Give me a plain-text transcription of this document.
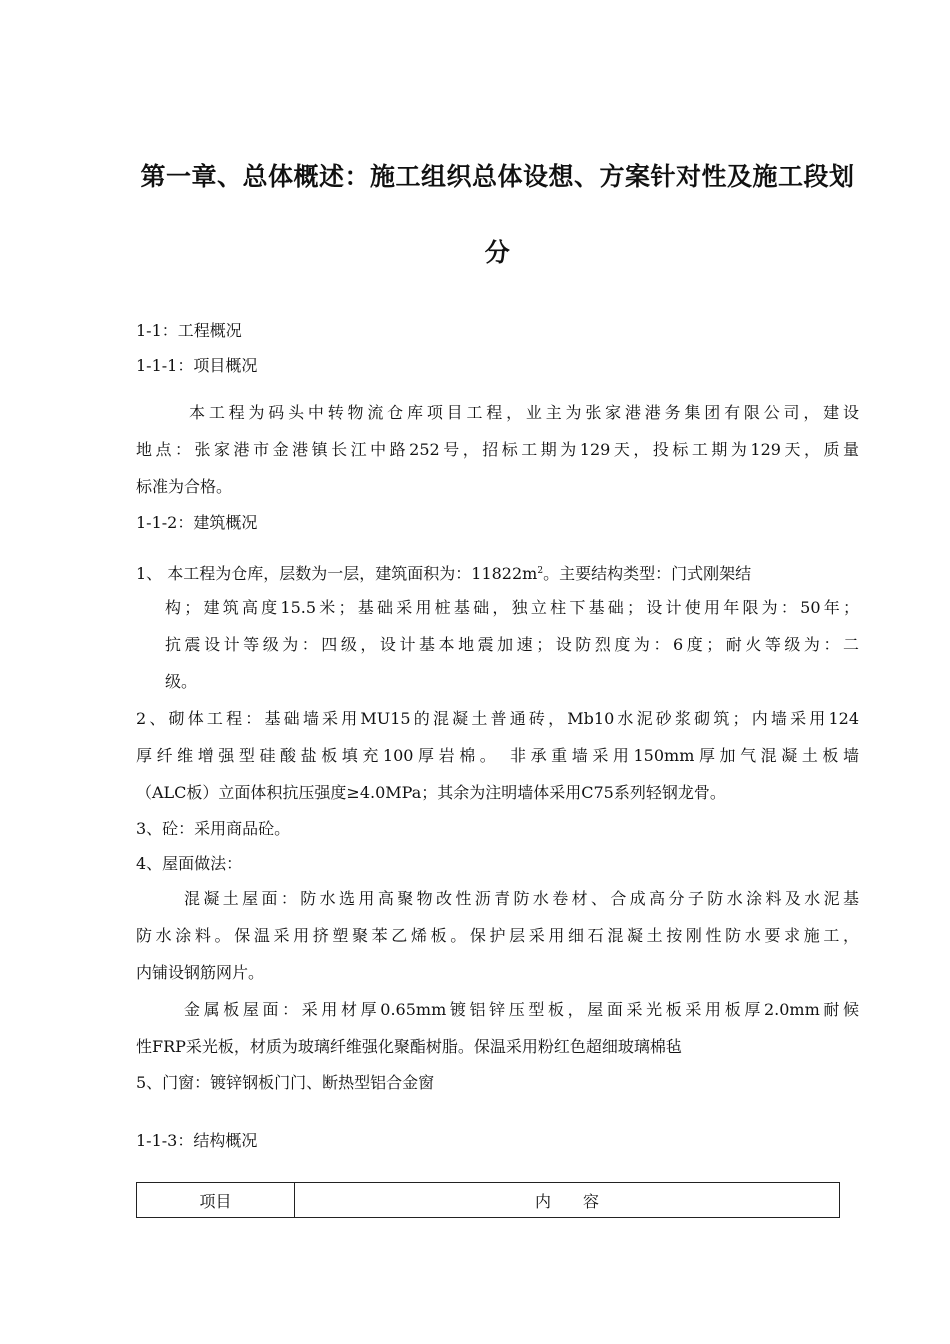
第一章、总体概述：施工组织总体设想、方案针对性及施工段划
分
1-1：工程概况
1-1-1：项目概况
本工程为码头中转物流仓库项目工程，业主为张家港港务集团有限公司，建设
地点：张家港市金港镇长江中路252号，招标工期为129天，投标工期为129天，质量
标准为合格。
1-1-2：建筑概况
1、 本工程为仓库，层数为一层，建筑面积为：$11822m^2$。主要结构类型：门式刚架结
构；建筑高度15.5米；基础采用桩基础，独立柱下基础；设计使用年限为：50年；
抗震设计等级为：四级，设计基本地震加速；设防烈度为：6度；耐火等级为：二
级。
2、砌体工程：基础墙采用MU15的混凝土普通砖，Mb10水泥砂浆砌筑；内墙采用124
厚纤维增强型硅酸盐板填充100厚岩棉。 非承重墙采用150mm厚加气混凝土板墙
（ALC板）立面体积抗压强度≥4.0MPa；其余为注明墙体采用C75系列轻钢龙骨。
3、砼：采用商品砼。
4、屋面做法：
混凝土屋面：防水选用高聚物改性沥青防水卷材、合成高分子防水涂料及水泥基
防水涂料。保温采用挤塑聚苯乙烯板。保护层采用细石混凝土按刚性防水要求施工，
内铺设钢筋网片。
金属板屋面：采用材厚0.65mm镀铝锌压型板，屋面采光板采用板厚2.0mm耐候
性FRP采光板，材质为玻璃纤维强化聚酯树脂。保温采用粉红色超细玻璃棉毡
5、门窗：镀锌钢板门门、断热型铝合金窗
1-1-3：结构概况
项目	内　　容
